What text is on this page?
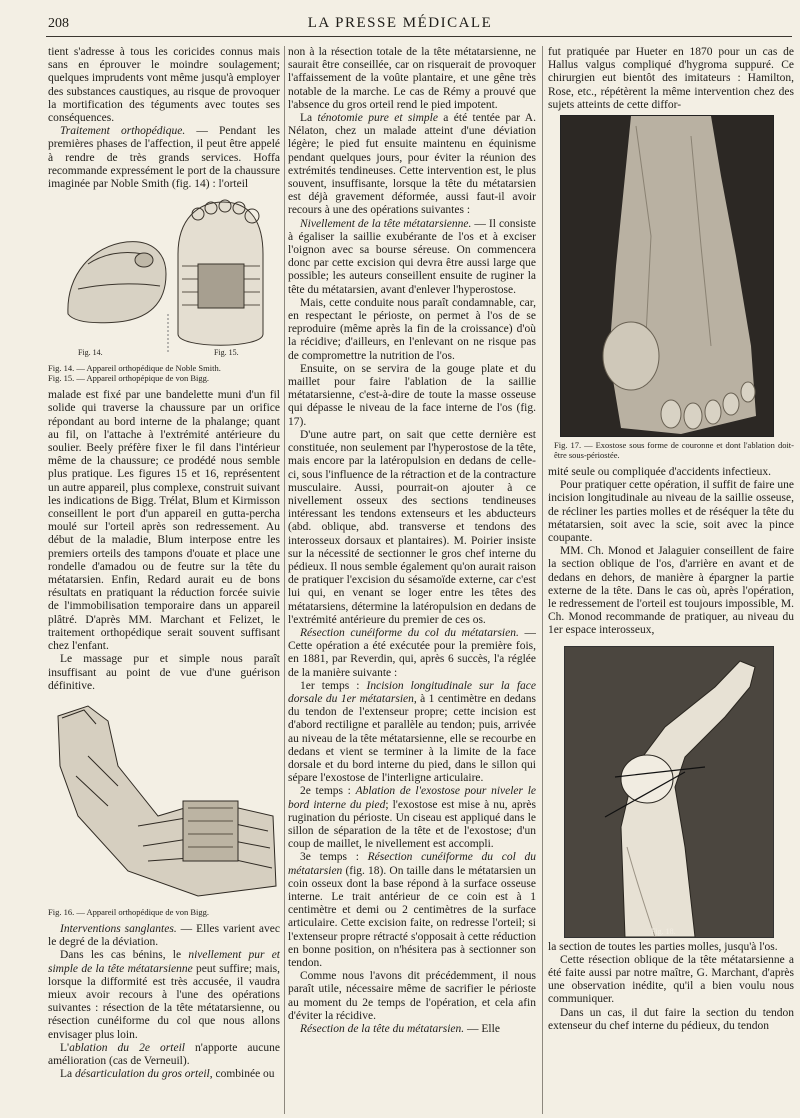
208	LA PRESSE MÉDICALE

tient s'adresse à tous les coricides connus mais sans en éprouver le moindre soulagement; quelques imprudents vont même jusqu'à employer des substances caustiques, au risque de provoquer la mortification des téguments avec toutes ses conséquences.

Traitement orthopédique. — Pendant les premières phases de l'affection, il peut être appelé à rendre de très grands services. Hoffa recommande expressément le port de la chaussure imaginée par Noble Smith (fig. 14) : l'orteil

Fig. 14.	Fig. 15.
Fig. 14. — Appareil orthopédique de Noble Smith.
Fig. 15. — Appareil orthopépique de von Bigg.

malade est fixé par une bandelette muni d'un fil solide qui traverse la chaussure par un orifice répondant au bord interne de la phalange; quant au fil, on l'attache à l'extrémité antérieure du soulier. Beely préfère fixer le fil dans l'intérieur même de la chaussure; ce prodédé nous semble plus pratique. Les figures 15 et 16, représentent un autre appareil, plus complexe, construit suivant les indications de Bigg. Trélat, Blum et Kirmisson conseillent le port d'un appareil en gutta-percha moulé sur l'orteil après son redressement. Au début de la maladie, Blum interpose entre les premiers orteils des tampons d'ouate et place une rondelle d'amadou ou de feutre sur la tête du métatarsien. Enfin, Redard aurait eu de bons résultats en pratiquant la réduction forcée suivie de l'immobilisation temporaire dans un appareil plâtré. D'après MM. Marchant et Felizet, le traitement orthopédique serait souvent suffisant chez l'enfant.

Le massage pur et simple nous paraît insuffisant au point de vue d'une guérison définitive.

Fig. 16. — Appareil orthopédique de von Bigg.

Interventions sanglantes. — Elles varient avec le degré de la déviation.

Dans les cas bénins, le nivellement pur et simple de la tête métatarsienne peut suffire; mais, lorsque la difformité est très accusée, il vaudra mieux avoir recours à l'une des opérations suivantes : résection de la tête métatarsienne, ou résection cunéiforme du col que nous allons envisager plus loin.

L'ablation du 2e orteil n'apporte aucune amélioration (cas de Verneuil).

La désarticulation du gros orteil, combinée ou

non à la résection totale de la tête métatarsienne, ne saurait être conseillée, car on risquerait de provoquer l'affaissement de la voûte plantaire, et une gêne très notable de la marche. Le cas de Rémy a prouvé que l'absence du gros orteil rend le pied impotent.

La ténotomie pure et simple a été tentée par A. Nélaton, chez un malade atteint d'une déviation légère; le pied fut ensuite maintenu en équinisme pendant quelques jours, pour éviter la réunion des extrémités tendineuses. Cette intervention est, le plus souvent, insuffisante, lorsque la tête du métatarsien est déjà gravement déformée, aussi faut-il avoir recours à une des opérations suivantes :

Nivellement de la tête métatarsienne. — Il consiste à égaliser la saillie exubérante de l'os et à exciser l'oignon avec sa bourse séreuse. On commencera donc par cette excision qui devra être aussi large que possible; les auteurs conseillent ensuite de ruginer la tête du métatarsien, avant d'enlever l'hyperostose.

Mais, cette conduite nous paraît condamnable, car, en respectant le périoste, on permet à l'os de se reproduire (même après la fin de la croissance) d'où la récidive; d'ailleurs, en l'enlevant on ne risque pas de compromettre la nutrition de l'os.

Ensuite, on se servira de la gouge plate et du maillet pour faire l'ablation de la saillie métatarsienne, c'est-à-dire de toute la masse osseuse qui dépasse le niveau de la face interne de l'os (fig. 17).

D'une autre part, on sait que cette dernière est constituée, non seulement par l'hyperostose de la tête, mais encore par la latéropulsion en dedans de celle-ci, sous l'influence de la rétraction et de la contracture musculaire. Aussi, pourrait-on ajouter à ce nivellement osseux des sections tendineuses intéressant les tendons extenseurs et les abducteurs (abd. oblique, abd. transverse et tendons des interosseux dorsaux et plantaires). M. Poirier insiste sur la nécessité de sectionner le gros chef interne du pédieux. Il nous semble également qu'on aurait raison de pratiquer l'excision du sésamoïde externe, car c'est lui qui, en venant se loger entre les têtes des métatarsiens, détermine la latéropulsion en dedans de l'extrémité antérieure du premier de ces os.

Résection cunéiforme du col du métatarsien. — Cette opération a été exécutée pour la première fois, en 1881, par Reverdin, qui, après 6 succès, l'a réglée de la manière suivante :

1er temps : Incision longitudinale sur la face dorsale du 1er métatarsien, à 1 centimètre en dedans du tendon de l'extenseur propre; cette incision est d'abord rectiligne et parallèle au tendon; puis, arrivée au niveau de la tête métatarsienne, elle se recourbe en dedans et vient se terminer à la limite de la face dorsale et du bord interne du pied, dans le sillon qui sépare l'exostose de l'interligne articulaire.

2e temps : Ablation de l'exostose pour niveler le bord interne du pied; l'exostose est mise à nu, après rugination du périoste. Un ciseau est appliqué dans le sillon de séparation de la tête et de l'exostose; d'un coup de maillet, le nivellement est accompli.

3e temps : Résection cunéiforme du col du métatarsien (fig. 18). On taille dans le métatarsien un coin osseux dont la base répond à la surface osseuse interne. Le trait antérieur de ce coin est à 1 centimètre et demi ou 2 centimètres de la surface articulaire. Cette excision faite, on redresse l'orteil; si l'extenseur propre rétracté s'opposait à cette réduction en bonne position, on n'hésitera pas à sectionner son tendon.

Comme nous l'avons dit précédemment, il nous paraît utile, nécessaire même de sacrifier le périoste au moment du 2e temps de l'opération, et cela afin d'éviter la récidive.

Résection de la tête du métatarsien. — Elle

fut pratiquée par Hueter en 1870 pour un cas de Hallus valgus compliqué d'hygroma suppuré. Ce chirurgien eut bientôt des imitateurs : Hamilton, Rose, etc., répétèrent la même intervention chez des sujets atteints de cette diffor-

Fig. 17. — Exostose sous forme de couronne et dont l'ablation doit-être sous-périostée.

mité seule ou compliquée d'accidents infectieux.

Pour pratiquer cette opération, il suffit de faire une incision longitudinale au niveau de la saillie osseuse, de récliner les parties molles et de réséquer la tête du métatarsien, soit avec la scie, soit avec la pince coupante.

MM. Ch. Monod et Jalaguier conseillent de faire la section oblique de l'os, d'arrière en avant et de dedans en dehors, de manière à épargner la partie externe de la tête. Dans le cas où, après l'opération, le redressement de l'orteil est toujours impossible, M. Ch. Monod recommande de pratiquer, au niveau du 1er espace interosseux,

Fig. 18.

la section de toutes les parties molles, jusqu'à l'os.

Cette résection oblique de la tête métatarsienne a été faite aussi par notre maître, G. Marchant, d'après une observation inédite, qu'il a bien voulu nous communiquer.

Dans un cas, il dut faire la section du tendon extenseur du chef interne du pédieux, du tendon
